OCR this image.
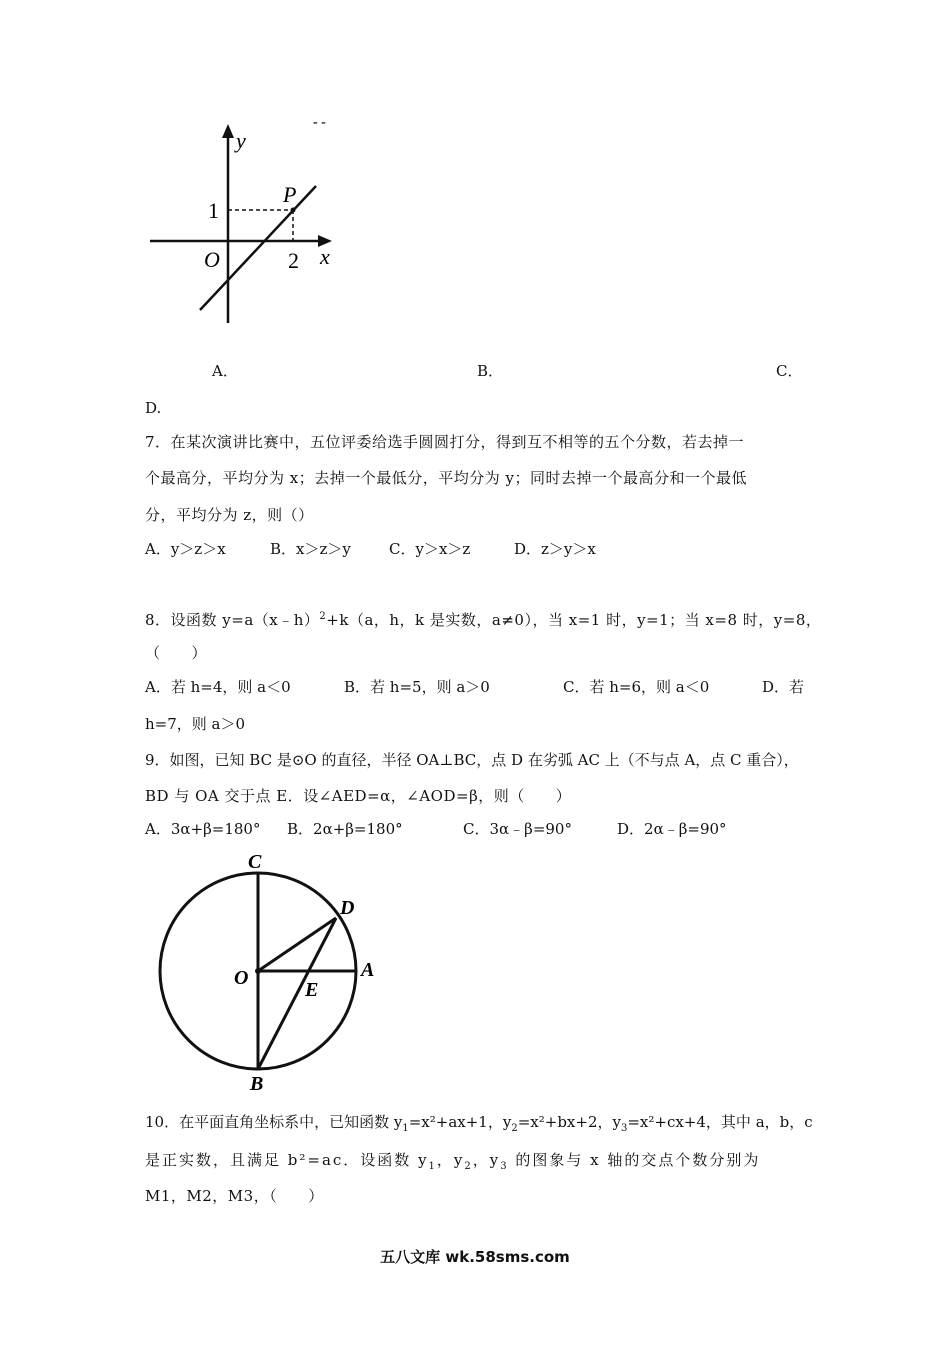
y
x
O
P
1
2
- -
A．	B．	C．
D.
7．在某次演讲比赛中，五位评委给选手圆圆打分，得到互不相等的五个分数，若去掉一
个最高分，平均分为 x；去掉一个最低分，平均分为 y；同时去掉一个最高分和一个最低
分，平均分为 z，则（）
A．y＞z＞x	B．x＞z＞y	C．y＞x＞z	D．z＞y＞x
8．设函数 y=a（x﹣h）$^2$+k（a，h，k 是实数，a≠0），当 x=1 时，y=1；当 x=8 时，y=8，
（　　）
A．若 h=4，则 a＜0	B．若 h=5，则 a＞0	C．若 h=6，则 a＜0	D．若
h=7，则 a＞0
9．如图，已知 BC 是⊙O 的直径，半径 OA⊥BC，点 D 在劣弧 AC 上（不与点 A，点 C 重合），
BD 与 OA 交于点 E．设∠AED=α，∠AOD=β，则（　　）
A．3α+β=180° B．2α+β=180°	C．3α﹣β=90°	D．2α﹣β=90°
C
D
O	A
E
B
10．在平面直角坐标系中，已知函数 $y_1=x^2+ax+1$，$y_2=x^2+bx+2$，$y_3=x^2+cx+4$，其中 a，b，c
是正实数，且满足 b²=ac．设函数 $y_1$，$y_2$，$y_3$ 的图象与 x 轴的交点个数分别为
M1，M2，M3，（　　）
五八文库 wk.58sms.com
